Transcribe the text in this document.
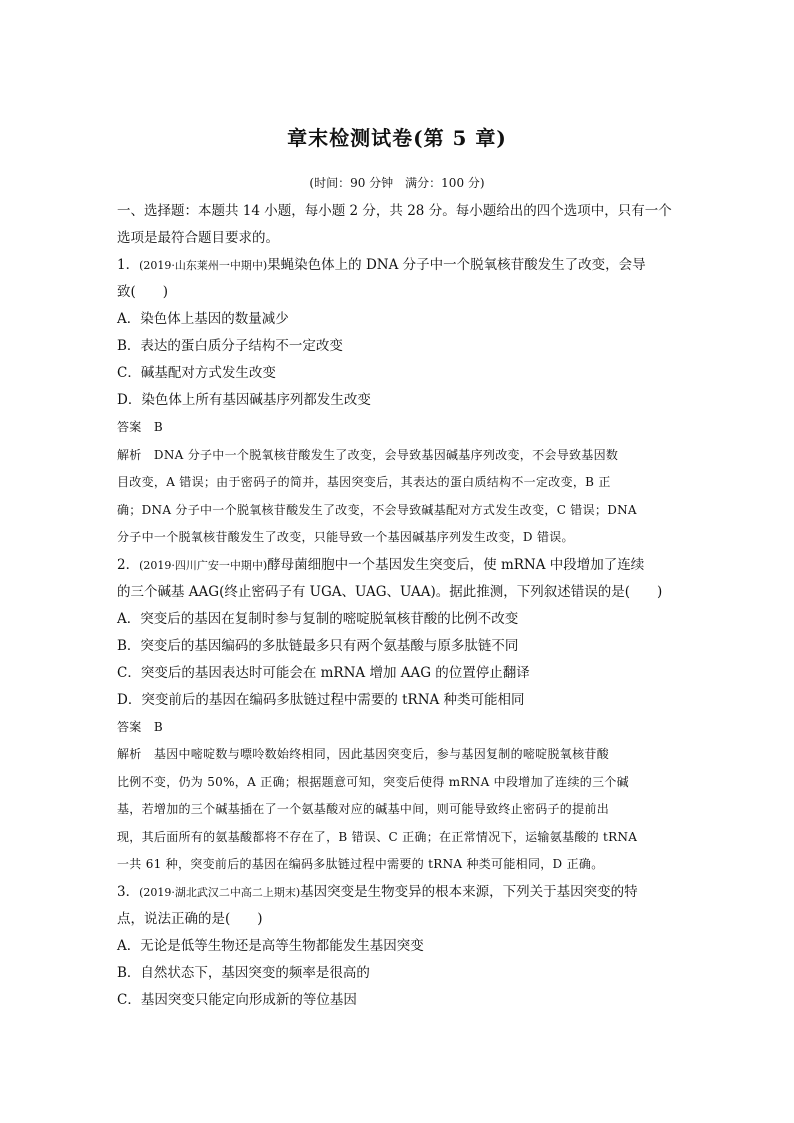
章末检测试卷(第 5 章)
(时间：90 分钟　满分：100 分)

一、选择题：本题共 14 小题，每小题 2 分，共 28 分。每小题给出的四个选项中，只有一个

选项是最符合题目要求的。

1．(2019·山东莱州一中期中)果蝇染色体上的 DNA 分子中一个脱氧核苷酸发生了改变，会导

致(　　)

A．染色体上基因的数量减少

B．表达的蛋白质分子结构不一定改变

C．碱基配对方式发生改变

D．染色体上所有基因碱基序列都发生改变

答案　B

解析　DNA 分子中一个脱氧核苷酸发生了改变，会导致基因碱基序列改变，不会导致基因数

目改变，A 错误；由于密码子的简并，基因突变后，其表达的蛋白质结构不一定改变，B 正

确；DNA 分子中一个脱氧核苷酸发生了改变，不会导致碱基配对方式发生改变，C 错误；DNA

分子中一个脱氧核苷酸发生了改变，只能导致一个基因碱基序列发生改变，D 错误。

2．(2019·四川广安一中期中)酵母菌细胞中一个基因发生突变后，使 mRNA 中段增加了连续

的三个碱基 AAG(终止密码子有 UGA、UAG、UAA)。据此推测，下列叙述错误的是(　　)

A．突变后的基因在复制时参与复制的嘧啶脱氧核苷酸的比例不改变

B．突变后的基因编码的多肽链最多只有两个氨基酸与原多肽链不同

C．突变后的基因表达时可能会在 mRNA 增加 AAG 的位置停止翻译

D．突变前后的基因在编码多肽链过程中需要的 tRNA 种类可能相同

答案　B

解析　基因中嘧啶数与嘌呤数始终相同，因此基因突变后，参与基因复制的嘧啶脱氧核苷酸

比例不变，仍为 50%，A 正确；根据题意可知，突变后使得 mRNA 中段增加了连续的三个碱

基，若增加的三个碱基插在了一个氨基酸对应的碱基中间，则可能导致终止密码子的提前出

现，其后面所有的氨基酸都将不存在了，B 错误、C 正确；在正常情况下，运输氨基酸的 tRNA

一共 61 种，突变前后的基因在编码多肽链过程中需要的 tRNA 种类可能相同，D 正确。

3．(2019·湖北武汉二中高二上期末)基因突变是生物变异的根本来源，下列关于基因突变的特

点，说法正确的是(　　)

A．无论是低等生物还是高等生物都能发生基因突变

B．自然状态下，基因突变的频率是很高的

C．基因突变只能定向形成新的等位基因
